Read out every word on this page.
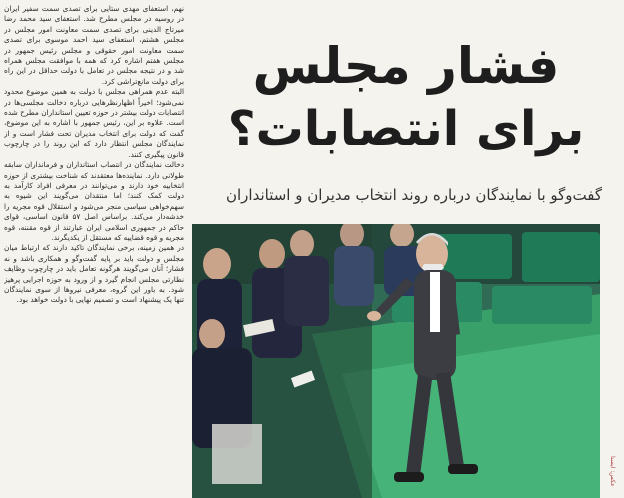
نهم، استعفای مهدی ستایی برای تصدی سمت سفیر ایران در روسیه در مجلس مطرح شد. استعفای سید محمد رضا میرتاج الدینی برای تصدی سمت معاونت امور مجلس در مجلس هشتم، استعفای سید احمد موسوی برای تصدی سمت معاونت امور حقوقی و مجلس رئیس جمهور در مجلس هفتم اشاره کرد که همه با موافقت مجلس همراه شد و در نتیجه مجلس در تعامل با دولت حداقل در این راه برای دولت مانع‌تراشی کرد.

البته عدم همراهی مجلس با دولت به همین موضوع محدود نمی‌شود؛ اخیراً اظهارنظرهایی درباره دخالت مجلسی‌ها در انتصابات دولت بیشتر در حوزه تعیین استانداران مطرح شده است. علاوه بر این، رئیس جمهور با اشاره به این موضوع، گفت که دولت برای انتخاب مدیران تحت فشار است و از نمایندگان مجلس انتظار دارد که این روند را در چارچوب قانون پیگیری کنند.

دخالت نمایندگان در انتصاب استانداران و فرمانداران سابقه طولانی دارد. نماینده‌ها معتقدند که شناخت بیشتری از حوزه انتخابیه خود دارند و می‌توانند در معرفی افراد کارآمد به دولت کمک کنند؛ اما منتقدان می‌گویند این شیوه به سهم‌خواهی سیاسی منجر می‌شود و استقلال قوه مجریه را خدشه‌دار می‌کند. براساس اصل ۵۷ قانون اساسی، قوای حاکم در جمهوری اسلامی ایران عبارتند از قوه مقننه، قوه مجریه و قوه قضاییه که مستقل از یکدیگرند.

در همین زمینه، برخی نمایندگان تاکید دارند که ارتباط میان مجلس و دولت باید بر پایه گفت‌وگو و همکاری باشد و نه فشار؛ آنان می‌گویند هرگونه تعامل باید در چارچوب وظایف نظارتی مجلس انجام گیرد و از ورود به حوزه اجرایی پرهیز شود. به باور این گروه، معرفی نیروها از سوی نمایندگان تنها یک پیشنهاد است و تصمیم نهایی با دولت خواهد بود.

فشار مجلس
برای انتصابات؟
گفت‌وگو با نمایندگان درباره روند انتخاب مدیران و استانداران
عکس: ایسنا
